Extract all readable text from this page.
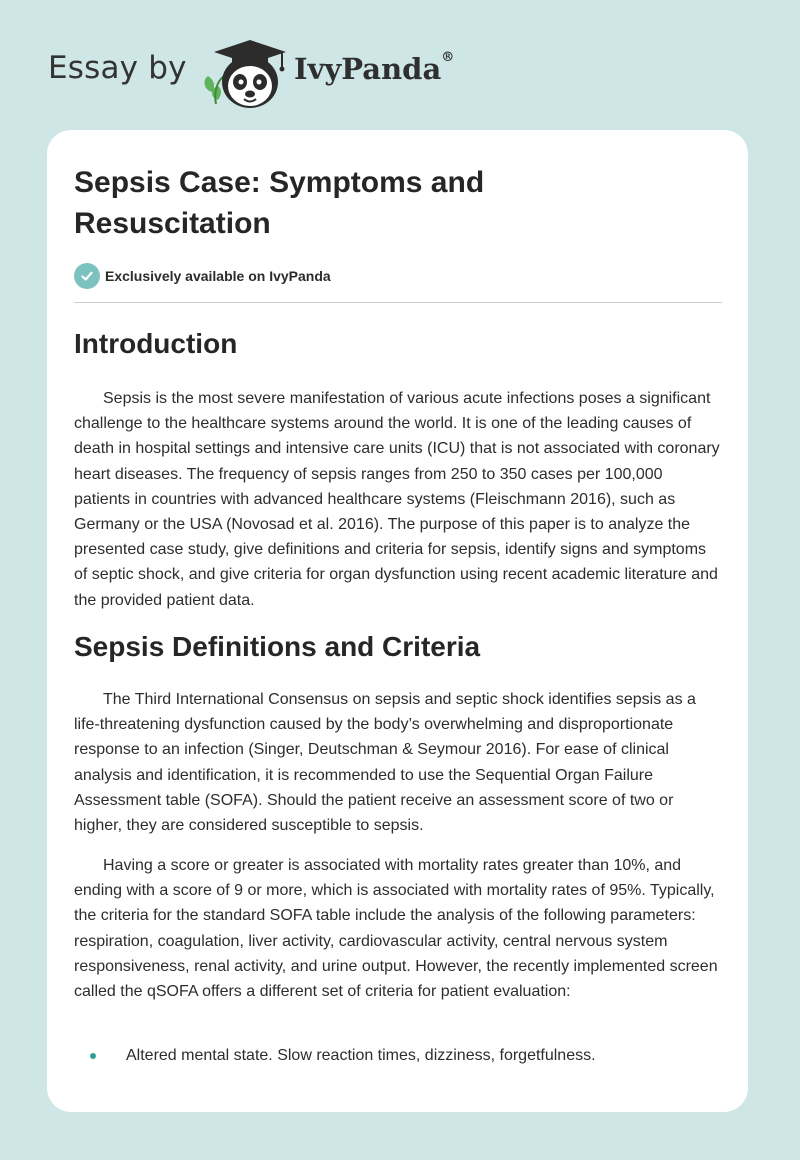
Essay by	IvyPanda®
Sepsis Case: Symptoms and Resuscitation
Exclusively available on IvyPanda
Introduction

Sepsis is the most severe manifestation of various acute infections poses a significant challenge to the healthcare systems around the world. It is one of the leading causes of death in hospital settings and intensive care units (ICU) that is not associated with coronary heart diseases. The frequency of sepsis ranges from 250 to 350 cases per 100,000 patients in countries with advanced healthcare systems (Fleischmann 2016), such as Germany or the USA (Novosad et al. 2016). The purpose of this paper is to analyze the presented case study, give definitions and criteria for sepsis, identify signs and symptoms of septic shock, and give criteria for organ dysfunction using recent academic literature and the provided patient data.

Sepsis Definitions and Criteria

The Third International Consensus on sepsis and septic shock identifies sepsis as a life-threatening dysfunction caused by the body’s overwhelming and disproportionate response to an infection (Singer, Deutschman & Seymour 2016). For ease of clinical analysis and identification, it is recommended to use the Sequential Organ Failure Assessment table (SOFA). Should the patient receive an assessment score of two or higher, they are considered susceptible to sepsis.

Having a score or greater is associated with mortality rates greater than 10%, and ending with a score of 9 or more, which is associated with mortality rates of 95%. Typically, the criteria for the standard SOFA table include the analysis of the following parameters: respiration, coagulation, liver activity, cardiovascular activity, central nervous system responsiveness, renal activity, and urine output. However, the recently implemented screen called the qSOFA offers a different set of criteria for patient evaluation:

Altered mental state. Slow reaction times, dizziness, forgetfulness.
